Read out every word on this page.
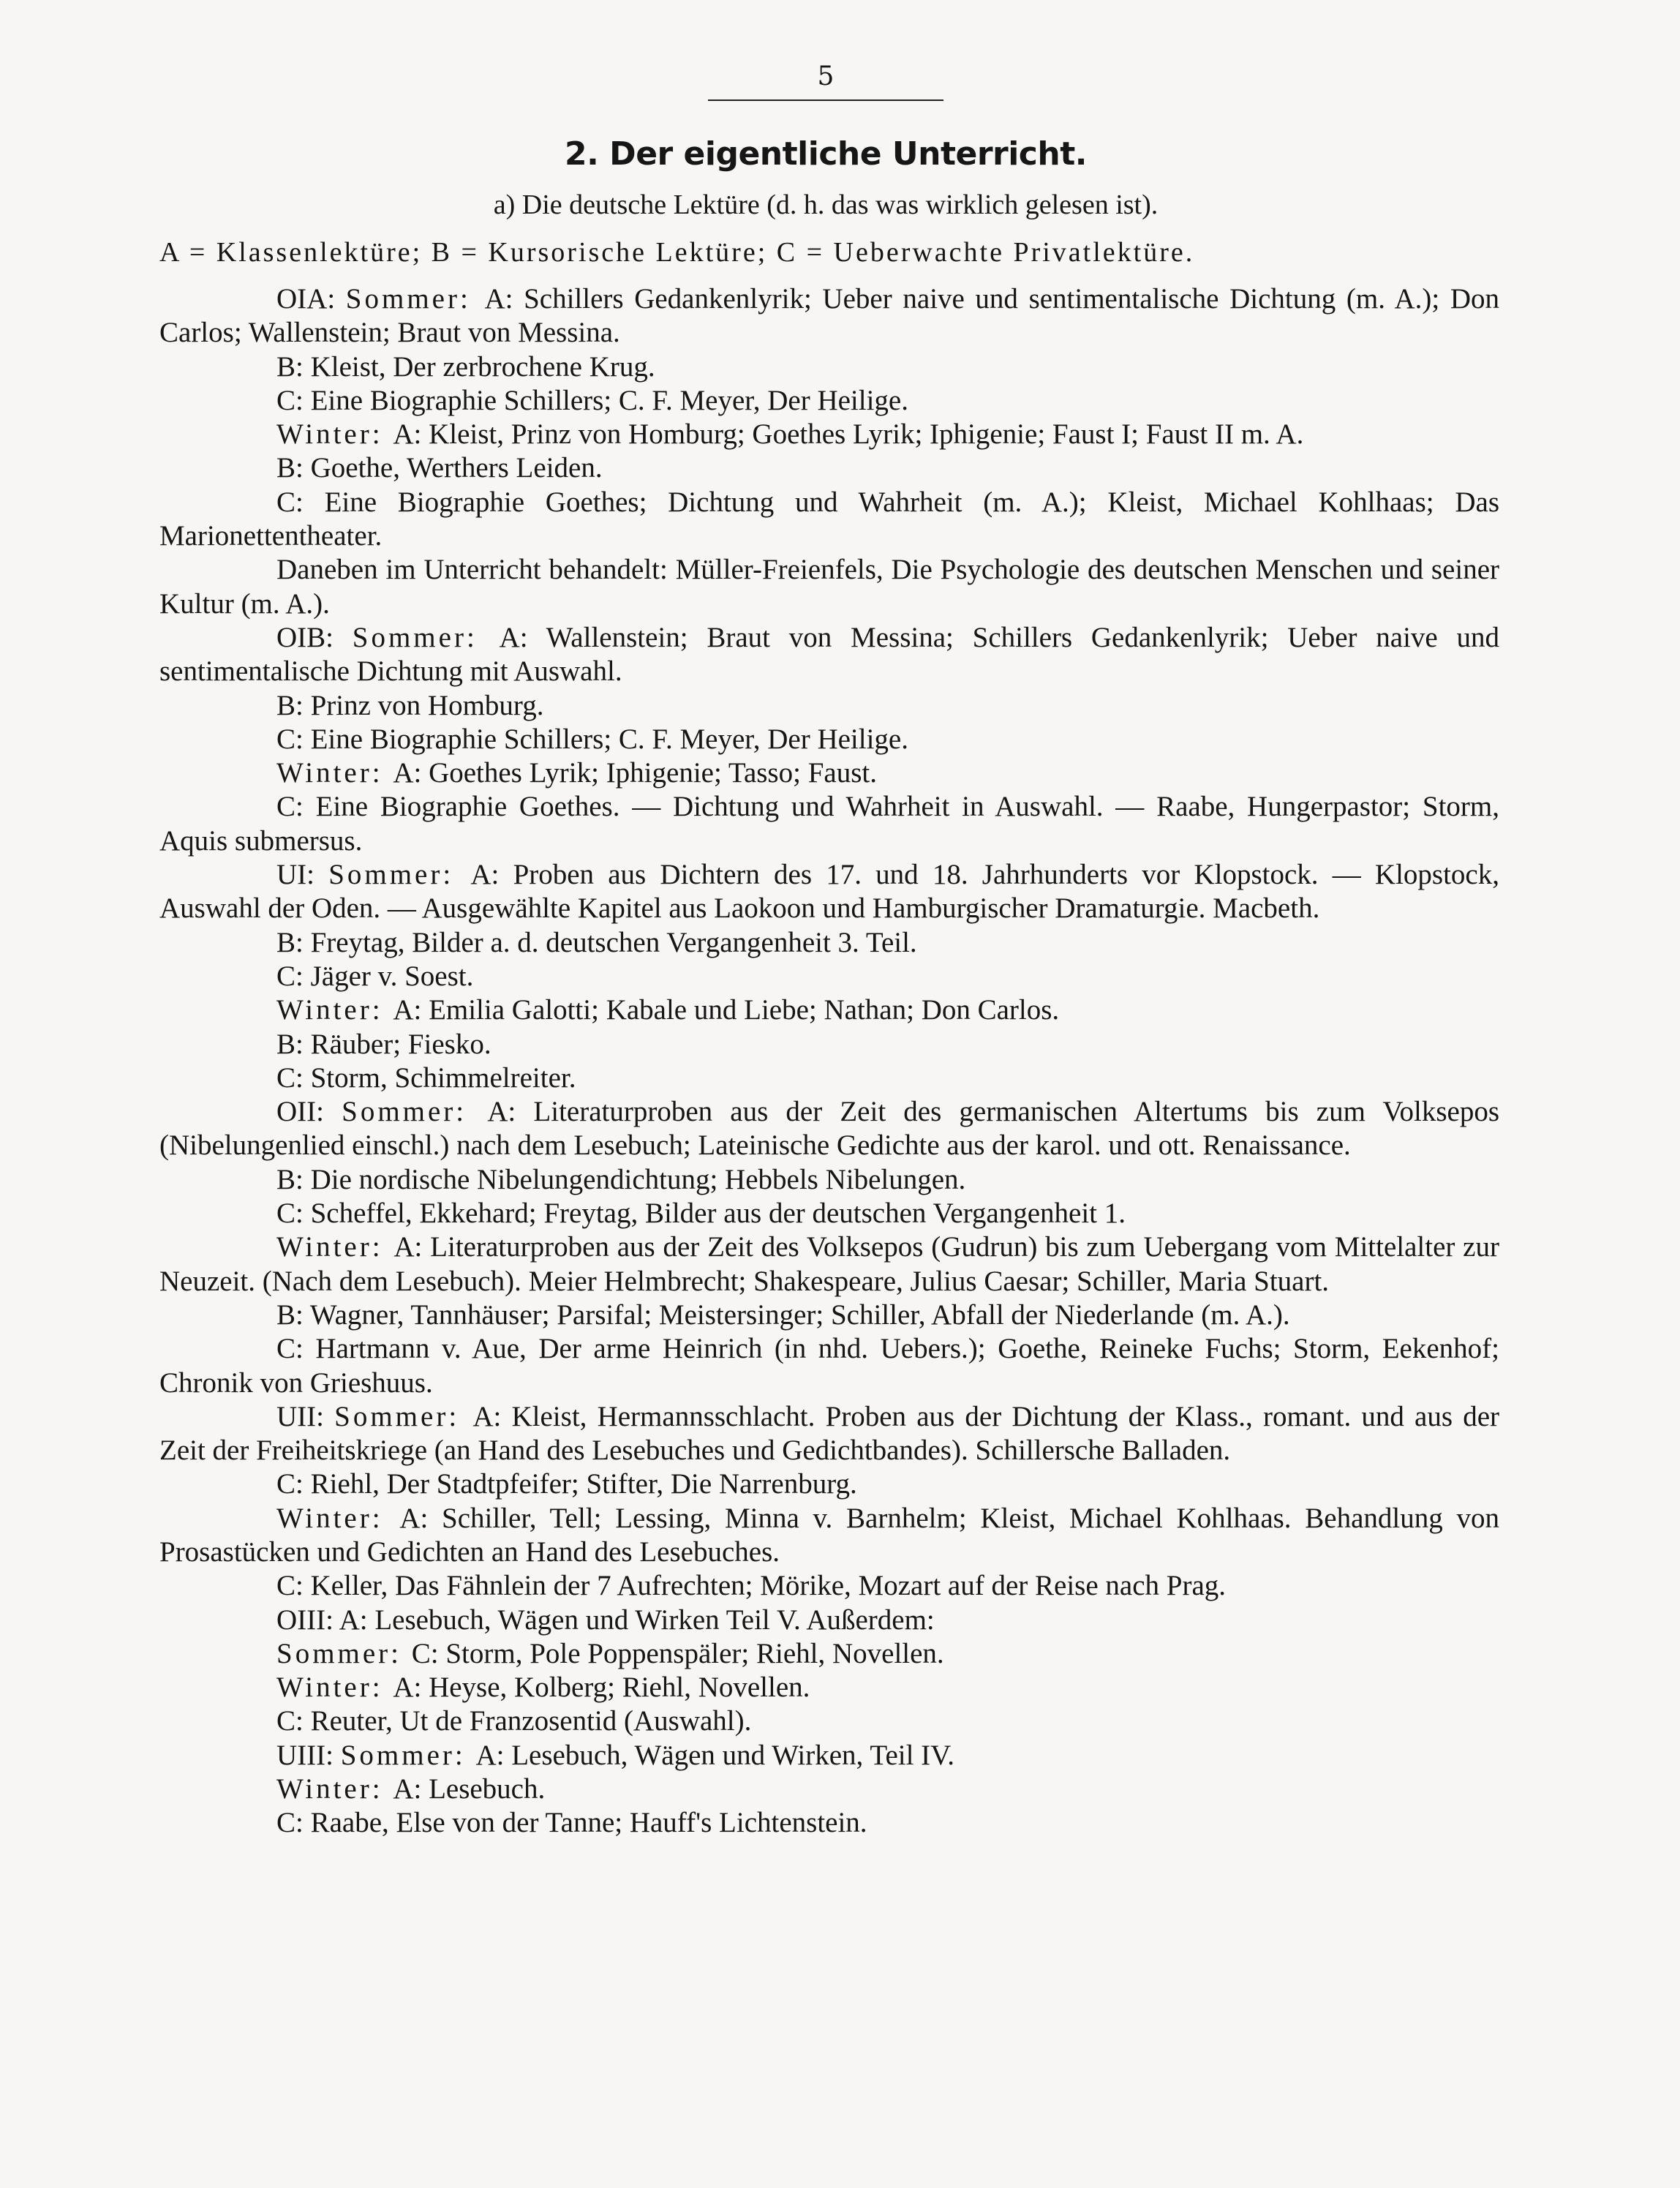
5
2. Der eigentliche Unterricht.
a) Die deutsche Lektüre (d. h. das was wirklich gelesen ist).
A = Klassenlektüre; B = Kursorische Lektüre; C = Ueberwachte Privatlektüre.

OIA: Sommer: A: Schillers Gedankenlyrik; Ueber naive und sentimentalische Dichtung (m. A.); Don Carlos; Wallenstein; Braut von Messina.

B: Kleist, Der zerbrochene Krug.

C: Eine Biographie Schillers; C. F. Meyer, Der Heilige.

Winter: A: Kleist, Prinz von Homburg; Goethes Lyrik; Iphigenie; Faust I; Faust II m. A.

B: Goethe, Werthers Leiden.

C: Eine Biographie Goethes; Dichtung und Wahrheit (m. A.); Kleist, Michael Kohlhaas; Das Marionettentheater.

Daneben im Unterricht behandelt: Müller-Freienfels, Die Psychologie des deutschen Menschen und seiner Kultur (m. A.).

OIB: Sommer: A: Wallenstein; Braut von Messina; Schillers Gedankenlyrik; Ueber naive und sentimentalische Dichtung mit Auswahl.

B: Prinz von Homburg.

C: Eine Biographie Schillers; C. F. Meyer, Der Heilige.

Winter: A: Goethes Lyrik; Iphigenie; Tasso; Faust.

C: Eine Biographie Goethes. — Dichtung und Wahrheit in Auswahl. — Raabe, Hungerpastor; Storm, Aquis submersus.

UI: Sommer: A: Proben aus Dichtern des 17. und 18. Jahrhunderts vor Klopstock. — Klopstock, Auswahl der Oden. — Ausgewählte Kapitel aus Laokoon und Hamburgischer Dramaturgie. Macbeth.

B: Freytag, Bilder a. d. deutschen Vergangenheit 3. Teil.

C: Jäger v. Soest.

Winter: A: Emilia Galotti; Kabale und Liebe; Nathan; Don Carlos.

B: Räuber; Fiesko.

C: Storm, Schimmelreiter.

OII: Sommer: A: Literaturproben aus der Zeit des germanischen Altertums bis zum Volksepos (Nibelungenlied einschl.) nach dem Lesebuch; Lateinische Gedichte aus der karol. und ott. Renaissance.

B: Die nordische Nibelungendichtung; Hebbels Nibelungen.

C: Scheffel, Ekkehard; Freytag, Bilder aus der deutschen Vergangenheit 1.

Winter: A: Literaturproben aus der Zeit des Volksepos (Gudrun) bis zum Uebergang vom Mittelalter zur Neuzeit. (Nach dem Lesebuch). Meier Helmbrecht; Shakespeare, Julius Caesar; Schiller, Maria Stuart.

B: Wagner, Tannhäuser; Parsifal; Meistersinger; Schiller, Abfall der Niederlande (m. A.).

C: Hartmann v. Aue, Der arme Heinrich (in nhd. Uebers.); Goethe, Reineke Fuchs; Storm, Eekenhof; Chronik von Grieshuus.

UII: Sommer: A: Kleist, Hermannsschlacht. Proben aus der Dichtung der Klass., romant. und aus der Zeit der Freiheitskriege (an Hand des Lesebuches und Gedichtbandes). Schillersche Balladen.

C: Riehl, Der Stadtpfeifer; Stifter, Die Narrenburg.

Winter: A: Schiller, Tell; Lessing, Minna v. Barnhelm; Kleist, Michael Kohlhaas. Behandlung von Prosastücken und Gedichten an Hand des Lesebuches.

C: Keller, Das Fähnlein der 7 Aufrechten; Mörike, Mozart auf der Reise nach Prag.

OIII: A: Lesebuch, Wägen und Wirken Teil V. Außerdem:

Sommer: C: Storm, Pole Poppenspäler; Riehl, Novellen.

Winter: A: Heyse, Kolberg; Riehl, Novellen.

C: Reuter, Ut de Franzosentid (Auswahl).

UIII: Sommer: A: Lesebuch, Wägen und Wirken, Teil IV.

Winter: A: Lesebuch.

C: Raabe, Else von der Tanne; Hauff's Lichtenstein.
